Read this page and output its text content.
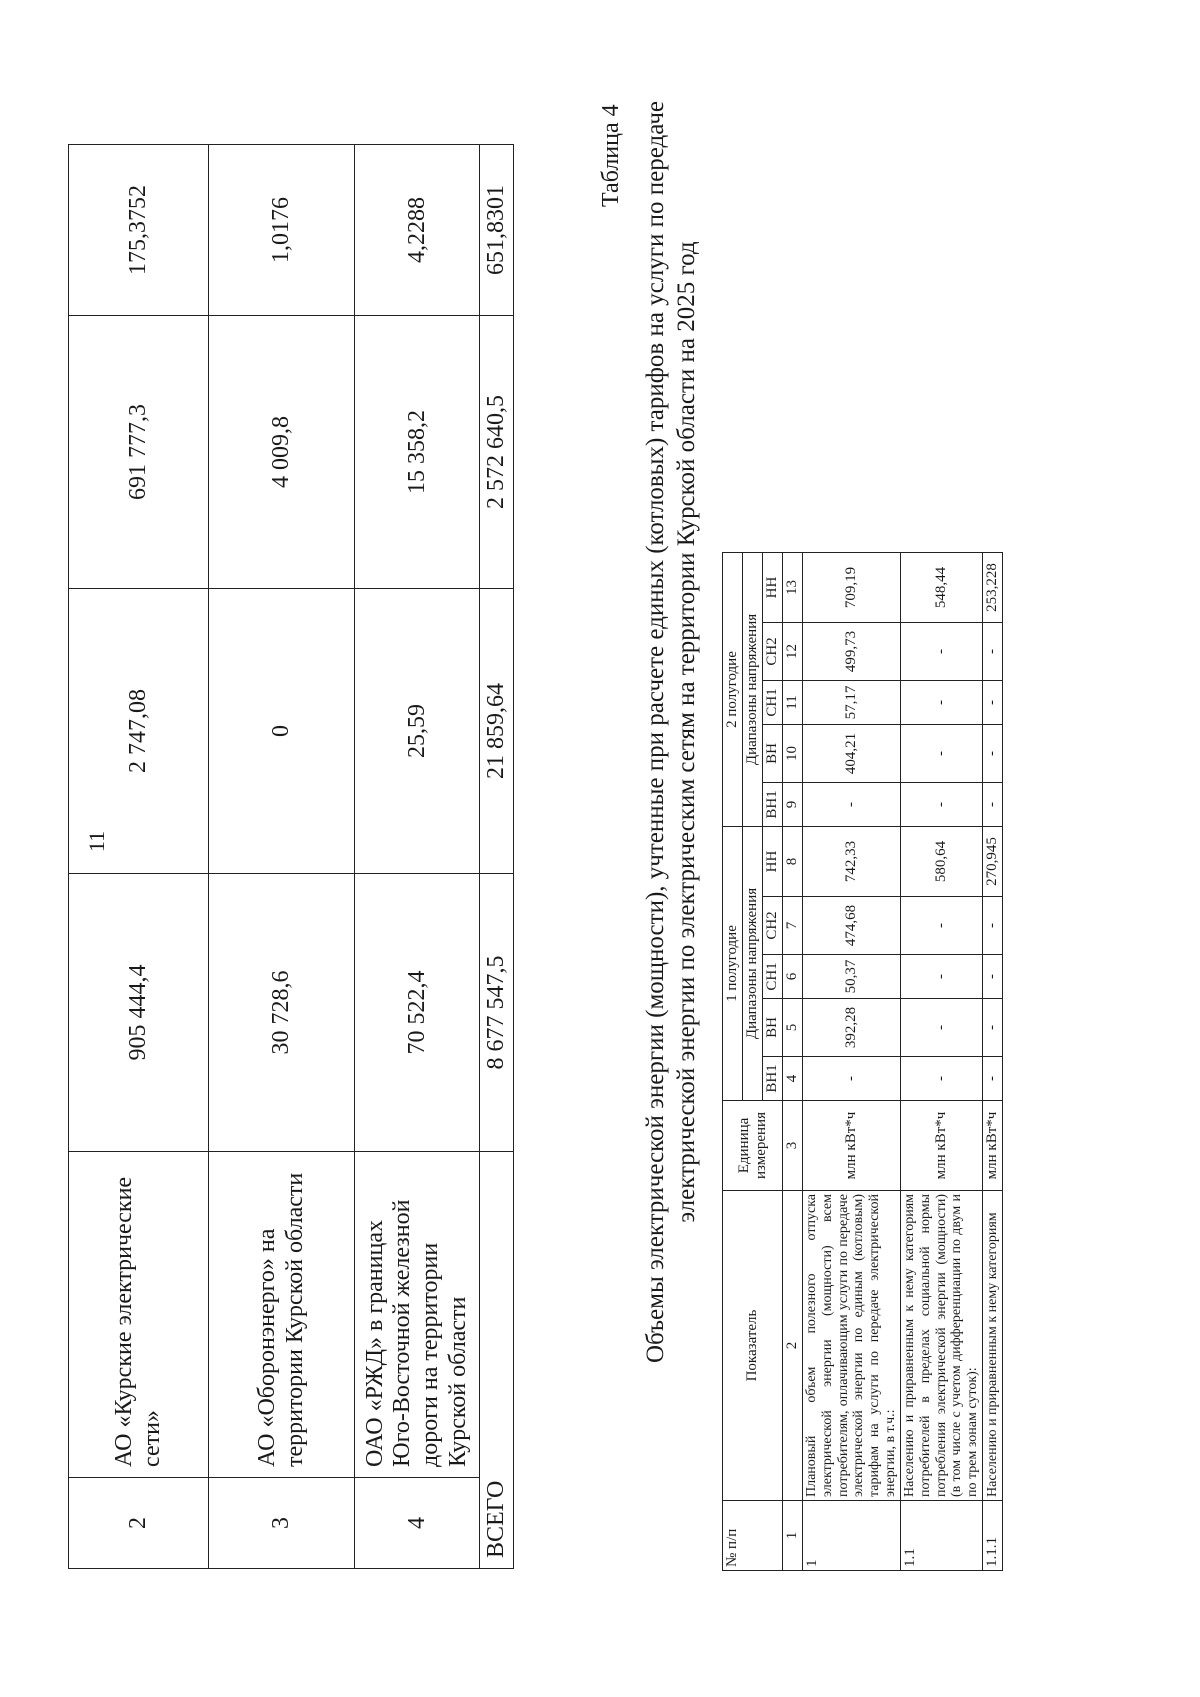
11
2	АО «Курские электрические сети»	905 444,4	2 747,08	691 777,3	175,3752
3	АО «Оборонэнерго» на территории Курской области	30 728,6	0	4 009,8	1,0176
4	ОАО «РЖД» в границах Юго-Восточной железной дороги на территории Курской области	70 522,4	25,59	15 358,2	4,2288
ВСЕГО		8 677 547,5	21 859,64	2 572 640,5	651,8301
Таблица 4 Объемы электрической энергии (мощности), учтенные при расчете единых (котловых) тарифов на услуги по передаче электрической энергии по электрическим сетям на территории Курской области на 2025 год
№ п/п	Показатель	Единица измерения	1 полугодие					2 полугодие				
			Диапазоны напряжения					Диапазоны напряжения				
			ВН1	ВН	СН1	СН2	НН	ВН1	ВН	СН1	СН2	НН
1	2	3	4	5	6	7	8	9	10	11	12	13
1	Плановый объем полезного отпуска электрической энергии (мощности) всем потребителям, оплачивающим услуги по передаче электрической энергии по единым (котловым) тарифам на услуги по передаче электрической энергии, в т.ч.:	млн кВт*ч	-	392,28	50,37	474,68	742,33	-	404,21	57,17	499,73	709,19
1.1	Населению и приравненным к нему категориям потребителей в пределах социальной нормы потребления электрической энергии (мощности) (в том числе с учетом дифференциации по двум и по трем зонам суток):	млн кВт*ч	-	-	-	-	580,64	-	-	-	-	548,44
1.1.1	Населению и приравненным к нему категориям	млн кВт*ч	-	-	-	-	270,945	-	-	-	-	253,228
